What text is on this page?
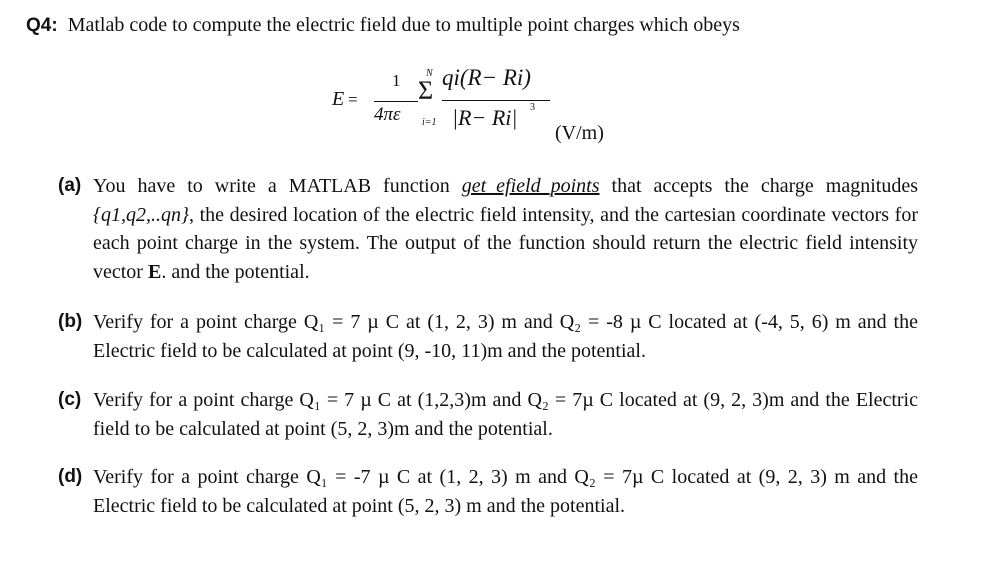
Q4: Matlab code to compute the electric field due to multiple point charges which obeys
E =
1
4πε
N
Σ
i=1
qi(R− Ri)
|R− Ri| 3
(V/m)
(a) You have to write a MATLAB function get_efield_points that accepts the charge magnitudes {q1,q2,..qn}, the desired location of the electric field intensity, and the cartesian coordinate vectors for each point charge in the system. The output of the function should return the electric field intensity vector E. and the potential.
(b) Verify for a point charge Q₁ = 7 µ C at (1, 2, 3) m and Q₂ = -8 µ C located at (-4, 5, 6) m and the Electric field to be calculated at point (9, -10, 11)m and the potential.
(c) Verify for a point charge Q₁ = 7 µ C at (1,2,3)m and Q₂ = 7µ C located at (9, 2, 3)m and the Electric field to be calculated at point (5, 2, 3)m and the potential.
(d) Verify for a point charge Q₁ = -7 µ C at (1, 2, 3) m and Q₂ = 7µ C located at (9, 2, 3) m and the Electric field to be calculated at point (5, 2, 3) m and the potential.
